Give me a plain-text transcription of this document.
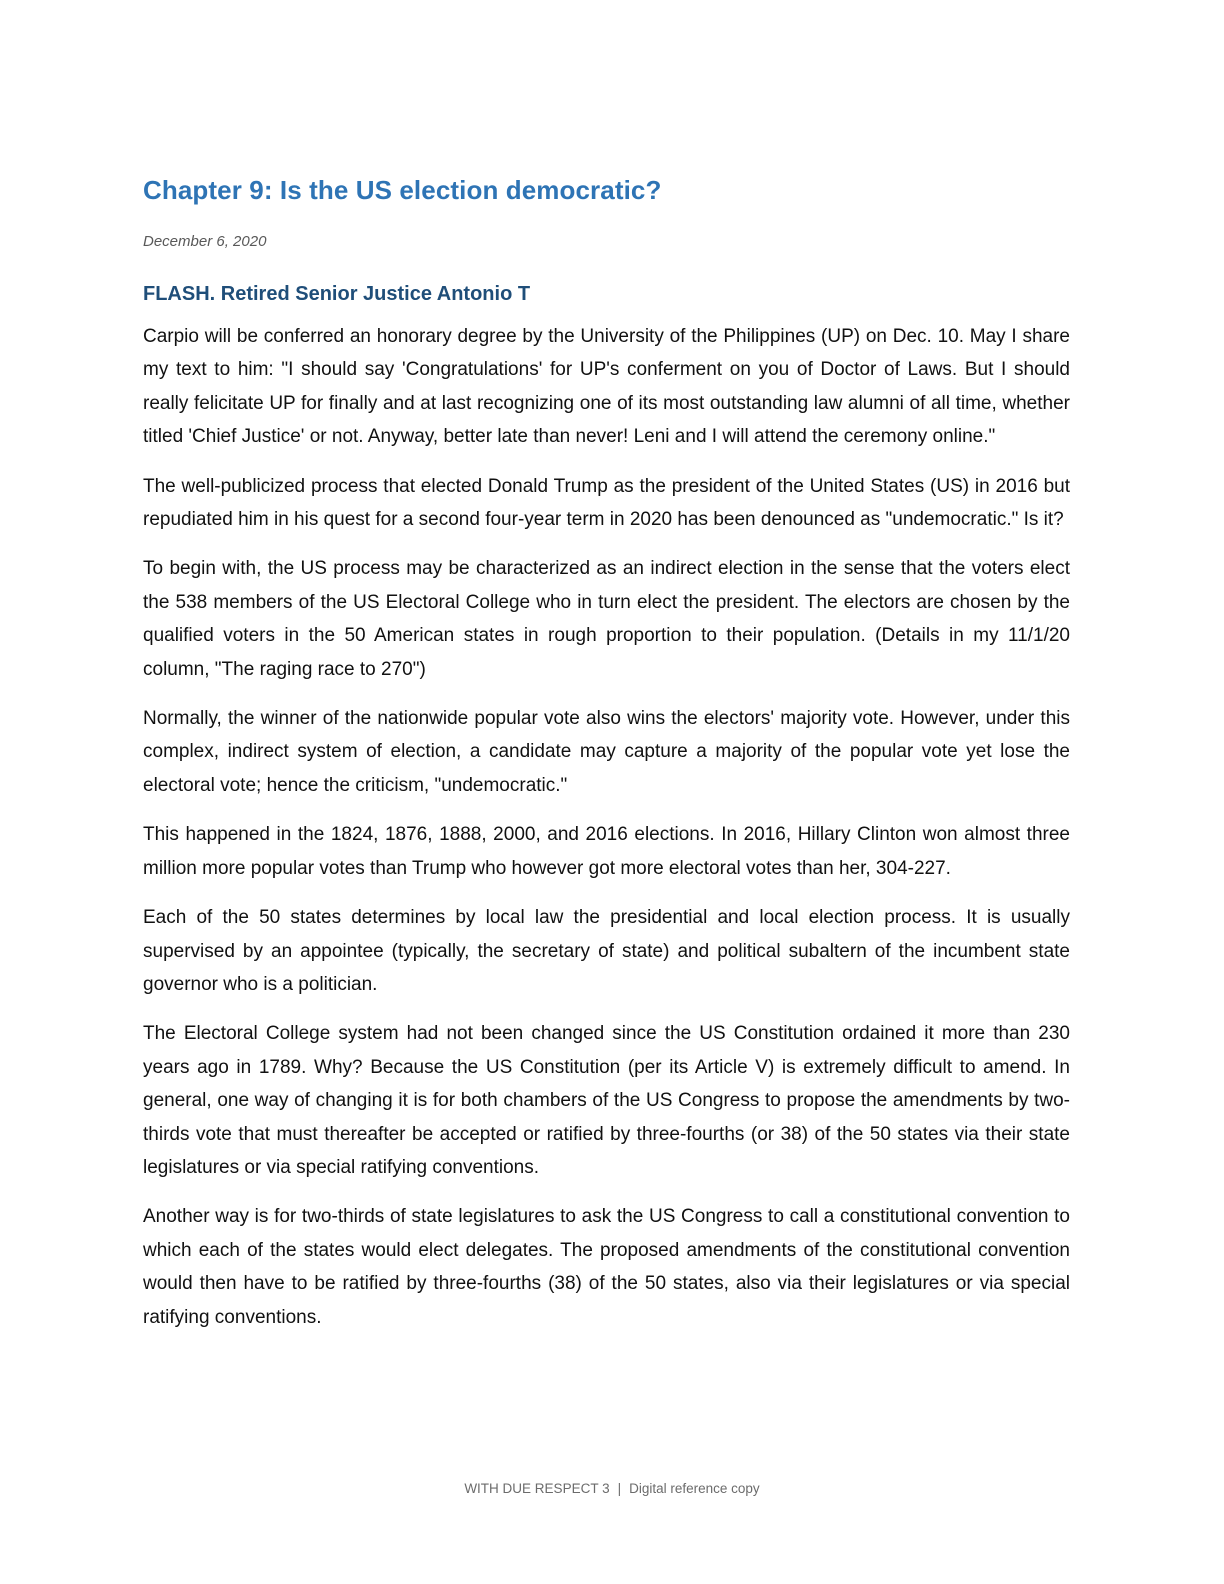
Chapter 9: Is the US election democratic?

December 6, 2020

FLASH. Retired Senior Justice Antonio T

Carpio will be conferred an honorary degree by the University of the Philippines (UP) on Dec. 10. May I share my text to him: "I should say 'Congratulations' for UP's conferment on you of Doctor of Laws. But I should really felicitate UP for finally and at last recognizing one of its most outstanding law alumni of all time, whether titled 'Chief Justice' or not. Anyway, better late than never! Leni and I will attend the ceremony online."

The well-publicized process that elected Donald Trump as the president of the United States (US) in 2016 but repudiated him in his quest for a second four-year term in 2020 has been denounced as "undemocratic." Is it?

To begin with, the US process may be characterized as an indirect election in the sense that the voters elect the 538 members of the US Electoral College who in turn elect the president. The electors are chosen by the qualified voters in the 50 American states in rough proportion to their population. (Details in my 11/1/20 column, "The raging race to 270")

Normally, the winner of the nationwide popular vote also wins the electors' majority vote. However, under this complex, indirect system of election, a candidate may capture a majority of the popular vote yet lose the electoral vote; hence the criticism, "undemocratic."

This happened in the 1824, 1876, 1888, 2000, and 2016 elections. In 2016, Hillary Clinton won almost three million more popular votes than Trump who however got more electoral votes than her, 304-227.

Each of the 50 states determines by local law the presidential and local election process. It is usually supervised by an appointee (typically, the secretary of state) and political subaltern of the incumbent state governor who is a politician.

The Electoral College system had not been changed since the US Constitution ordained it more than 230 years ago in 1789. Why? Because the US Constitution (per its Article V) is extremely difficult to amend. In general, one way of changing it is for both chambers of the US Congress to propose the amendments by two-thirds vote that must thereafter be accepted or ratified by three-fourths (or 38) of the 50 states via their state legislatures or via special ratifying conventions.

Another way is for two-thirds of state legislatures to ask the US Congress to call a constitutional convention to which each of the states would elect delegates. The proposed amendments of the constitutional convention would then have to be ratified by three-fourths (38) of the 50 states, also via their legislatures or via special ratifying conventions.

WITH DUE RESPECT 3 | Digital reference copy
